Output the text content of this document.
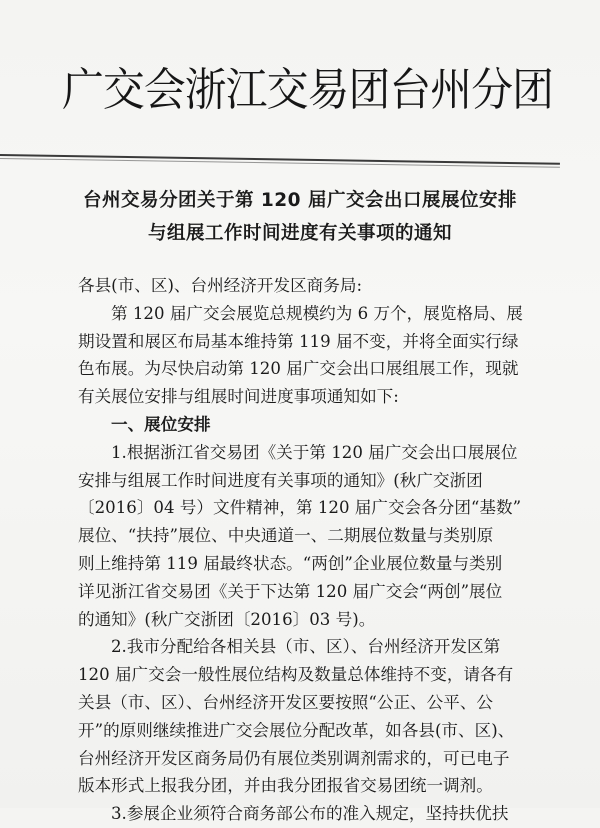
广交会浙江交易团台州分团
台州交易分团关于第 120 届广交会出口展展位安排
与组展工作时间进度有关事项的通知
各县(市、区)、台州经济开发区商务局:
第 120 届广交会展览总规模约为 6 万个，展览格局、展
期设置和展区布局基本维持第 119 届不变，并将全面实行绿
色布展。为尽快启动第 120 届广交会出口展组展工作，现就
有关展位安排与组展时间进度事项通知如下:
一、展位安排
1.根据浙江省交易团《关于第 120 届广交会出口展展位
安排与组展工作时间进度有关事项的通知》(秋广交浙团
〔2016〕04 号）文件精神，第 120 届广交会各分团“基数”
展位、“扶持”展位、中央通道一、二期展位数量与类别原
则上维持第 119 届最终状态。“两创”企业展位数量与类别
详见浙江省交易团《关于下达第 120 届广交会“两创”展位
的通知》(秋广交浙团〔2016〕03 号)。
2.我市分配给各相关县（市、区）、台州经济开发区第
120 届广交会一般性展位结构及数量总体维持不变，请各有
关县（市、区）、台州经济开发区要按照“公正、公平、公
开”的原则继续推进广交会展位分配改革，如各县(市、区)、
台州经济开发区商务局仍有展位类别调剂需求的，可已电子
版本形式上报我分团，并由我分团报省交易团统一调剂。
3.参展企业须符合商务部公布的准入规定，坚持扶优扶
